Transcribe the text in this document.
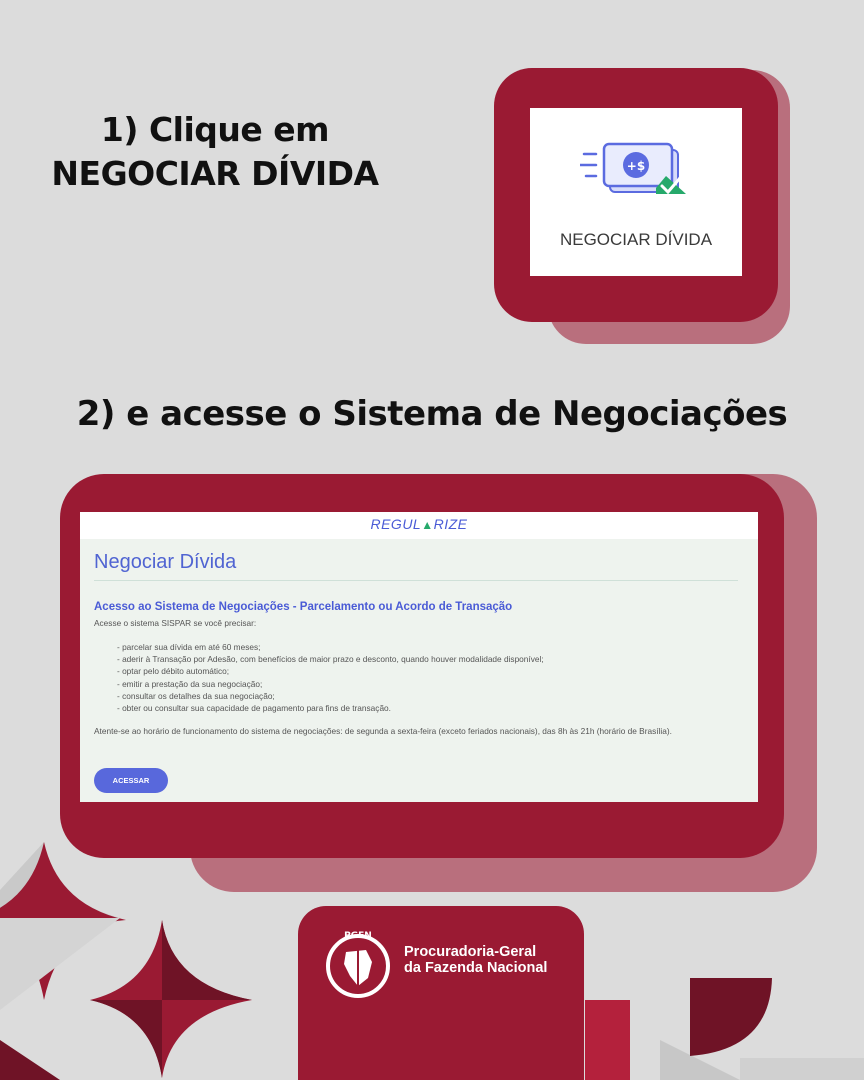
1) Clique em
NEGOCIAR DÍVIDA	+$
NEGOCIAR DÍVIDA
2) e acesse o Sistema de Negociações
REGUL▲RIZE
Negociar Dívida
Acesso ao Sistema de Negociações - Parcelamento ou Acordo de Transação
Acesse o sistema SISPAR se você precisar:
- parcelar sua dívida em até 60 meses;
- aderir à Transação por Adesão, com benefícios de maior prazo e desconto, quando houver modalidade disponível;
- optar pelo débito automático;
- emitir a prestação da sua negociação;
- consultar os detalhes da sua negociação;
- obter ou consultar sua capacidade de pagamento para fins de transação.
Atente-se ao horário de funcionamento do sistema de negociações: de segunda a sexta-feira (exceto feriados nacionais), das 8h às 21h (horário de Brasília).
ACESSAR
PGFN
Procuradoria-Geral
da Fazenda Nacional
